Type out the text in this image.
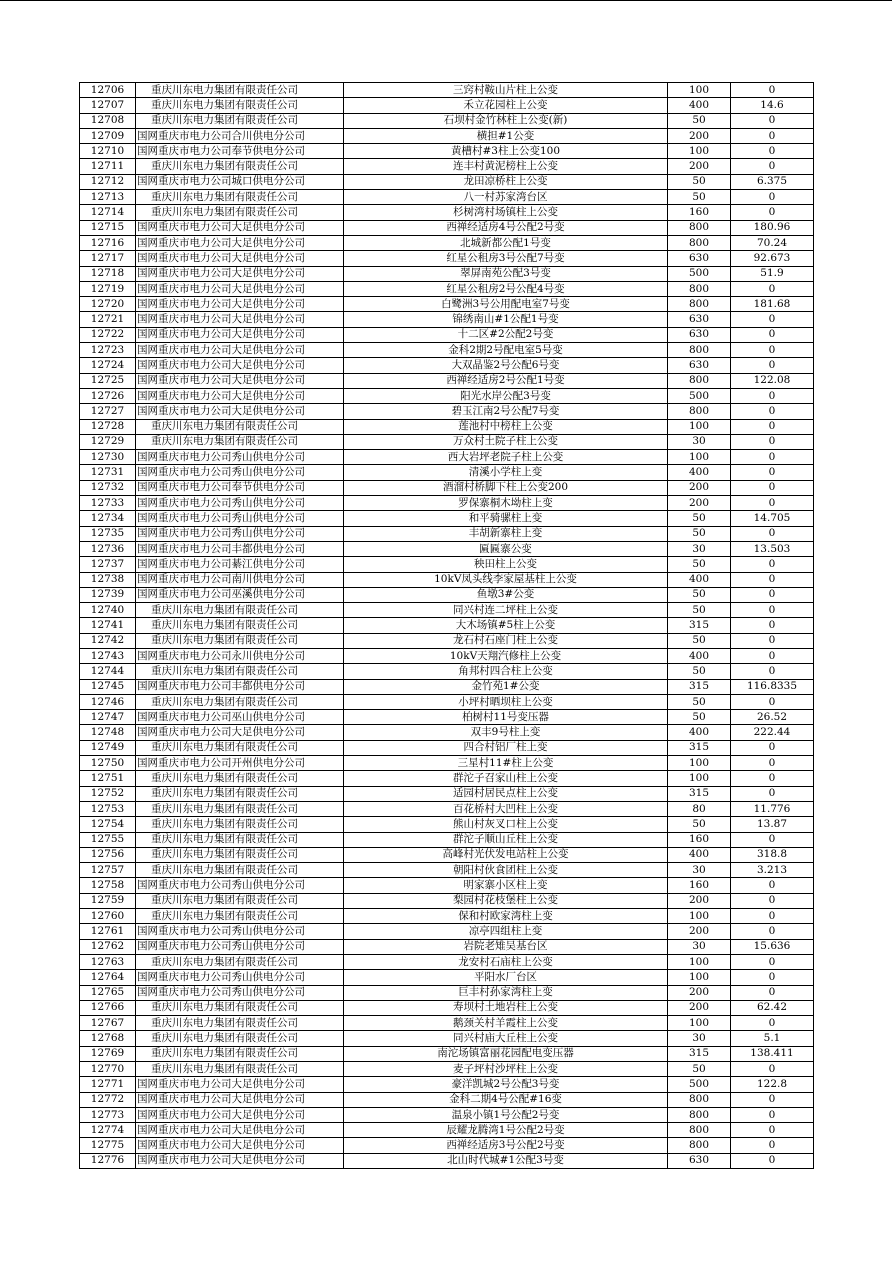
12706	重庆川东电力集团有限责任公司	三窍村鞍山片柱上公变	100	0
12707	重庆川东电力集团有限责任公司	禾立花园柱上公变	400	14.6
12708	重庆川东电力集团有限责任公司	石坝村金竹林柱上公变(新)	50	0
12709	国网重庆市电力公司合川供电分公司	横担#1公变	200	0
12710	国网重庆市电力公司奉节供电分公司	黄槽村#3柱上公变100	100	0
12711	重庆川东电力集团有限责任公司	连丰村黄泥榜柱上公变	200	0
12712	国网重庆市电力公司城口供电分公司	龙田凉桥柱上公变	50	6.375
12713	重庆川东电力集团有限责任公司	八一村苏家湾台区	50	0
12714	重庆川东电力集团有限责任公司	杉树湾村场镇柱上公变	160	0
12715	国网重庆市电力公司大足供电分公司	西禅经适房4号公配2号变	800	180.96
12716	国网重庆市电力公司大足供电分公司	北城新都公配1号变	800	70.24
12717	国网重庆市电力公司大足供电分公司	红星公租房3号公配7号变	630	92.673
12718	国网重庆市电力公司大足供电分公司	翠屏南苑公配3号变	500	51.9
12719	国网重庆市电力公司大足供电分公司	红星公租房2号公配4号变	800	0
12720	国网重庆市电力公司大足供电分公司	白鹭洲3号公用配电室7号变	800	181.68
12721	国网重庆市电力公司大足供电分公司	锦绣南山#1公配1号变	630	0
12722	国网重庆市电力公司大足供电分公司	十二区#2公配2号变	630	0
12723	国网重庆市电力公司大足供电分公司	金科2期2号配电室5号变	800	0
12724	国网重庆市电力公司大足供电分公司	大双晶鉴2号公配6号变	630	0
12725	国网重庆市电力公司大足供电分公司	西禅经适房2号公配1号变	800	122.08
12726	国网重庆市电力公司大足供电分公司	阳光水岸公配3号变	500	0
12727	国网重庆市电力公司大足供电分公司	碧玉江南2号公配7号变	800	0
12728	重庆川东电力集团有限责任公司	莲池村中榜柱上公变	100	0
12729	重庆川东电力集团有限责任公司	万众村土院子柱上公变	30	0
12730	国网重庆市电力公司秀山供电分公司	西大岩坪老院子柱上公变	100	0
12731	国网重庆市电力公司秀山供电分公司	清溪小学柱上变	400	0
12732	国网重庆市电力公司奉节供电分公司	酒溜村桥脚下柱上公变200	200	0
12733	国网重庆市电力公司秀山供电分公司	罗保寨桐木坳柱上变	200	0
12734	国网重庆市电力公司秀山供电分公司	和平骑骡柱上变	50	14.705
12735	国网重庆市电力公司秀山供电分公司	丰胡新寨柱上变	50	0
12736	国网重庆市电力公司丰都供电分公司	匾匾寨公变	30	13.503
12737	国网重庆市电力公司綦江供电分公司	秧田柱上公变	50	0
12738	国网重庆市电力公司南川供电分公司	10kV凤头线李家屋基柱上公变	400	0
12739	国网重庆市电力公司巫溪供电分公司	鱼墩3#公变	50	0
12740	重庆川东电力集团有限责任公司	同兴村连二坪柱上公变	50	0
12741	重庆川东电力集团有限责任公司	大木场镇#5柱上公变	315	0
12742	重庆川东电力集团有限责任公司	龙石村石座门柱上公变	50	0
12743	国网重庆市电力公司永川供电分公司	10kV天翔汽修柱上公变	400	0
12744	重庆川东电力集团有限责任公司	角邦村四合柱上公变	50	0
12745	国网重庆市电力公司丰都供电分公司	金竹苑1#公变	315	116.8335
12746	重庆川东电力集团有限责任公司	小坪村晒坝柱上公变	50	0
12747	国网重庆市电力公司巫山供电分公司	柏树村11号变压器	50	26.52
12748	国网重庆市电力公司大足供电分公司	双丰9号柱上变	400	222.44
12749	重庆川东电力集团有限责任公司	四合村铝厂柱上变	315	0
12750	国网重庆市电力公司开州供电分公司	三星村11#柱上公变	100	0
12751	重庆川东电力集团有限责任公司	群沱子召家山柱上公变	100	0
12752	重庆川东电力集团有限责任公司	适园村居民点柱上公变	315	0
12753	重庆川东电力集团有限责任公司	百花桥村大凹柱上公变	80	11.776
12754	重庆川东电力集团有限责任公司	熊山村灰叉口柱上公变	50	13.87
12755	重庆川东电力集团有限责任公司	群沱子顺山丘柱上公变	160	0
12756	重庆川东电力集团有限责任公司	高峰村光伏发电站柱上公变	400	318.8
12757	重庆川东电力集团有限责任公司	朝阳村伙食团柱上公变	30	3.213
12758	国网重庆市电力公司秀山供电分公司	明家寨小区柱上变	160	0
12759	重庆川东电力集团有限责任公司	梨园村花枝堡柱上公变	200	0
12760	重庆川东电力集团有限责任公司	保和村欧家湾柱上变	100	0
12761	国网重庆市电力公司秀山供电分公司	凉亭四组柱上变	200	0
12762	国网重庆市电力公司秀山供电分公司	岩院老雉吴基台区	30	15.636
12763	重庆川东电力集团有限责任公司	龙安村石庙柱上公变	100	0
12764	国网重庆市电力公司秀山供电分公司	平阳水厂台区	100	0
12765	国网重庆市电力公司秀山供电分公司	巨丰村孙家湾柱上变	200	0
12766	重庆川东电力集团有限责任公司	寿坝村土地岩柱上公变	200	62.42
12767	重庆川东电力集团有限责任公司	鹅颈关村羊霞柱上公变	100	0
12768	重庆川东电力集团有限责任公司	同兴村庙大丘柱上公变	30	5.1
12769	重庆川东电力集团有限责任公司	南沱场镇富丽花园配电变压器	315	138.411
12770	重庆川东电力集团有限责任公司	麦子坪村沙坪柱上公变	50	0
12771	国网重庆市电力公司大足供电分公司	豪洋凯城2号公配3号变	500	122.8
12772	国网重庆市电力公司大足供电分公司	金科二期4号公配#16变	800	0
12773	国网重庆市电力公司大足供电分公司	温泉小镇1号公配2号变	800	0
12774	国网重庆市电力公司大足供电分公司	辰耀龙腾湾1号公配2号变	800	0
12775	国网重庆市电力公司大足供电分公司	西禅经适房3号公配2号变	800	0
12776	国网重庆市电力公司大足供电分公司	北山时代城#1公配3号变	630	0
